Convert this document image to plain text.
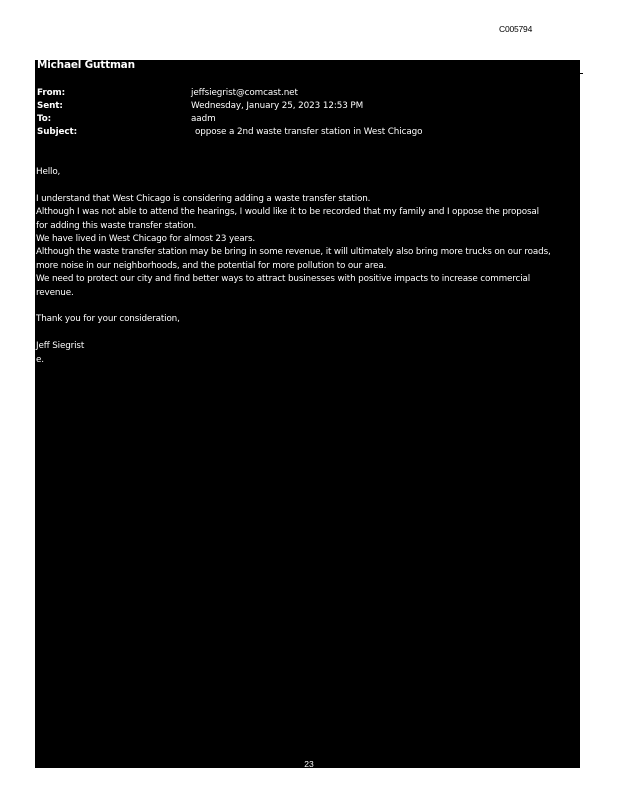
C005794
Michael Guttman
From:	jeffsiegrist@comcast.net
Sent:	Wednesday, January 25, 2023 12:53 PM
To:	aadm
Subject:	oppose a 2nd waste transfer station in West Chicago

Hello,

I understand that West Chicago is considering adding a waste transfer station.

Although I was not able to attend the hearings, I would like it to be recorded that my family and I oppose the proposal

for adding this waste transfer station.

We have lived in West Chicago for almost 23 years.

Although the waste transfer station may be bring in some revenue, it will ultimately also bring more trucks on our roads,

more noise in our neighborhoods, and the potential for more pollution to our area.

We need to protect our city and find better ways to attract businesses with positive impacts to increase commercial

revenue.

Thank you for your consideration,

Jeff Siegrist

e.

23
